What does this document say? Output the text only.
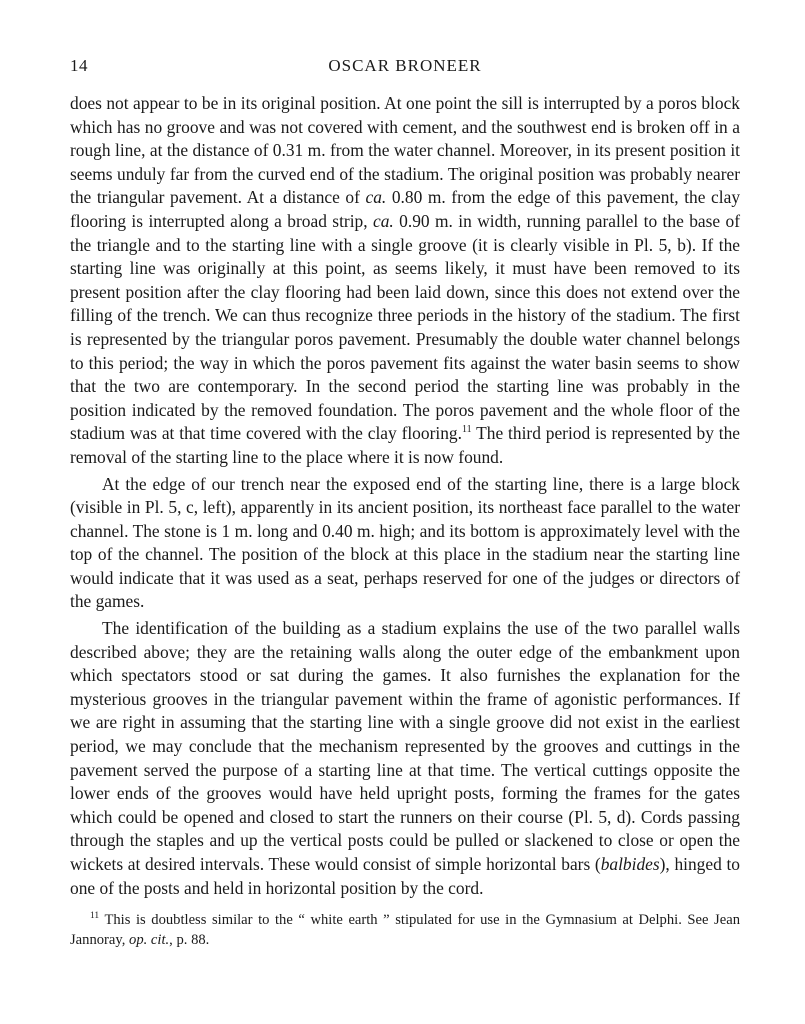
14	OSCAR BRONEER

does not appear to be in its original position. At one point the sill is interrupted by a poros block which has no groove and was not covered with cement, and the southwest end is broken off in a rough line, at the distance of 0.31 m. from the water channel. Moreover, in its present position it seems unduly far from the curved end of the stadium. The original position was probably nearer the triangular pavement. At a distance of ca. 0.80 m. from the edge of this pavement, the clay flooring is interrupted along a broad strip, ca. 0.90 m. in width, running parallel to the base of the triangle and to the starting line with a single groove (it is clearly visible in Pl. 5, b). If the starting line was originally at this point, as seems likely, it must have been removed to its present position after the clay flooring had been laid down, since this does not extend over the filling of the trench. We can thus recognize three periods in the history of the stadium. The first is represented by the triangular poros pavement. Presumably the double water channel belongs to this period; the way in which the poros pavement fits against the water basin seems to show that the two are contemporary. In the second period the starting line was probably in the position indicated by the removed foundation. The poros pavement and the whole floor of the stadium was at that time covered with the clay flooring.$^{11}$ The third period is represented by the removal of the starting line to the place where it is now found.

At the edge of our trench near the exposed end of the starting line, there is a large block (visible in Pl. 5, c, left), apparently in its ancient position, its northeast face parallel to the water channel. The stone is 1 m. long and 0.40 m. high; and its bottom is approximately level with the top of the channel. The position of the block at this place in the stadium near the starting line would indicate that it was used as a seat, perhaps reserved for one of the judges or directors of the games.

The identification of the building as a stadium explains the use of the two parallel walls described above; they are the retaining walls along the outer edge of the embankment upon which spectators stood or sat during the games. It also furnishes the explanation for the mysterious grooves in the triangular pavement within the frame of agonistic performances. If we are right in assuming that the starting line with a single groove did not exist in the earliest period, we may conclude that the mechanism represented by the grooves and cuttings in the pavement served the purpose of a starting line at that time. The vertical cuttings opposite the lower ends of the grooves would have held upright posts, forming the frames for the gates which could be opened and closed to start the runners on their course (Pl. 5, d). Cords passing through the staples and up the vertical posts could be pulled or slackened to close or open the wickets at desired intervals. These would consist of simple horizontal bars (balbides), hinged to one of the posts and held in horizontal position by the cord.

$^{11}$ This is doubtless similar to the “ white earth ” stipulated for use in the Gymnasium at Delphi. See Jean Jannoray, op. cit., p. 88.
